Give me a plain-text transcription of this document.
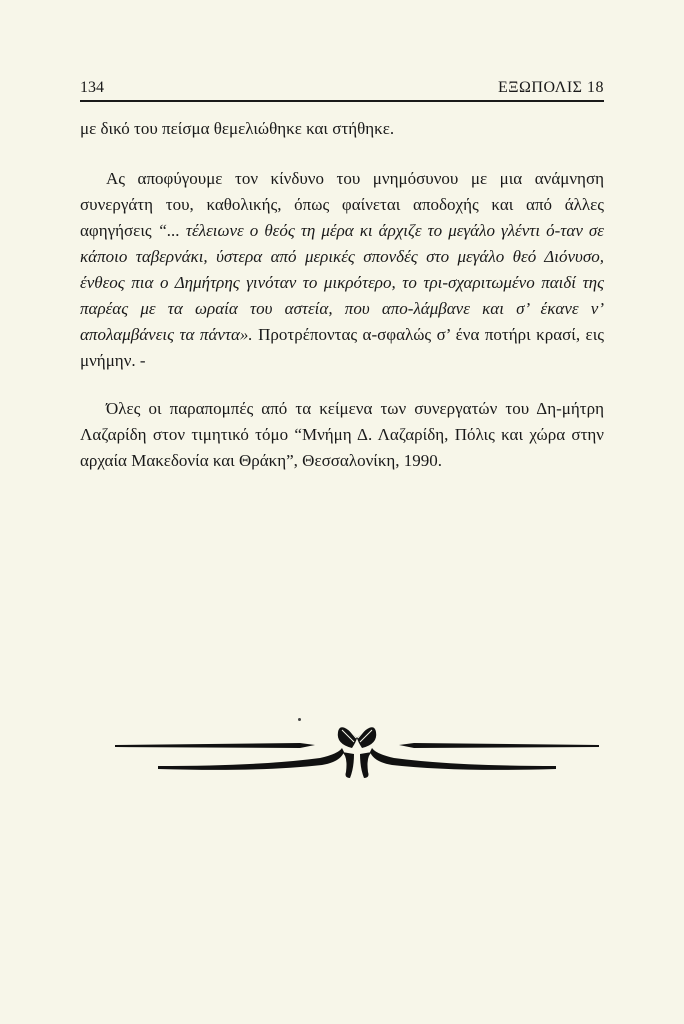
134	ΕΞΩΠΟΛΙΣ 18

με δικό του πείσμα θεμελιώθηκε και στήθηκε.

Ας αποφύγουμε τον κίνδυνο του μνημόσυνου με μια ανάμνηση συνεργάτη του, καθολικής, όπως φαίνεται αποδοχής και από άλλες αφηγήσεις “... τέλειωνε ο θεός τη μέρα κι άρχιζε το μεγάλο γλέντι ό-ταν σε κάποιο ταβερνάκι, ύστερα από μερικές σπονδές στο μεγάλο θεό Διόνυσο, ένθεος πια ο Δημήτρης γινόταν το μικρότερο, το τρι-σχαριτωμένο παιδί της παρέας με τα ωραία του αστεία, που απο-λάμβανε και σ’ έκανε ν’ απολαμβάνεις τα πάντα». Προτρέποντας α-σφαλώς σ’ ένα ποτήρι κρασί, εις μνήμην. -

Όλες οι παραπομπές από τα κείμενα των συνεργατών του Δη-μήτρη Λαζαρίδη στον τιμητικό τόμο “Μνήμη Δ. Λαζαρίδη, Πόλις και χώρα στην αρχαία Μακεδονία και Θράκη”, Θεσσαλονίκη, 1990.
